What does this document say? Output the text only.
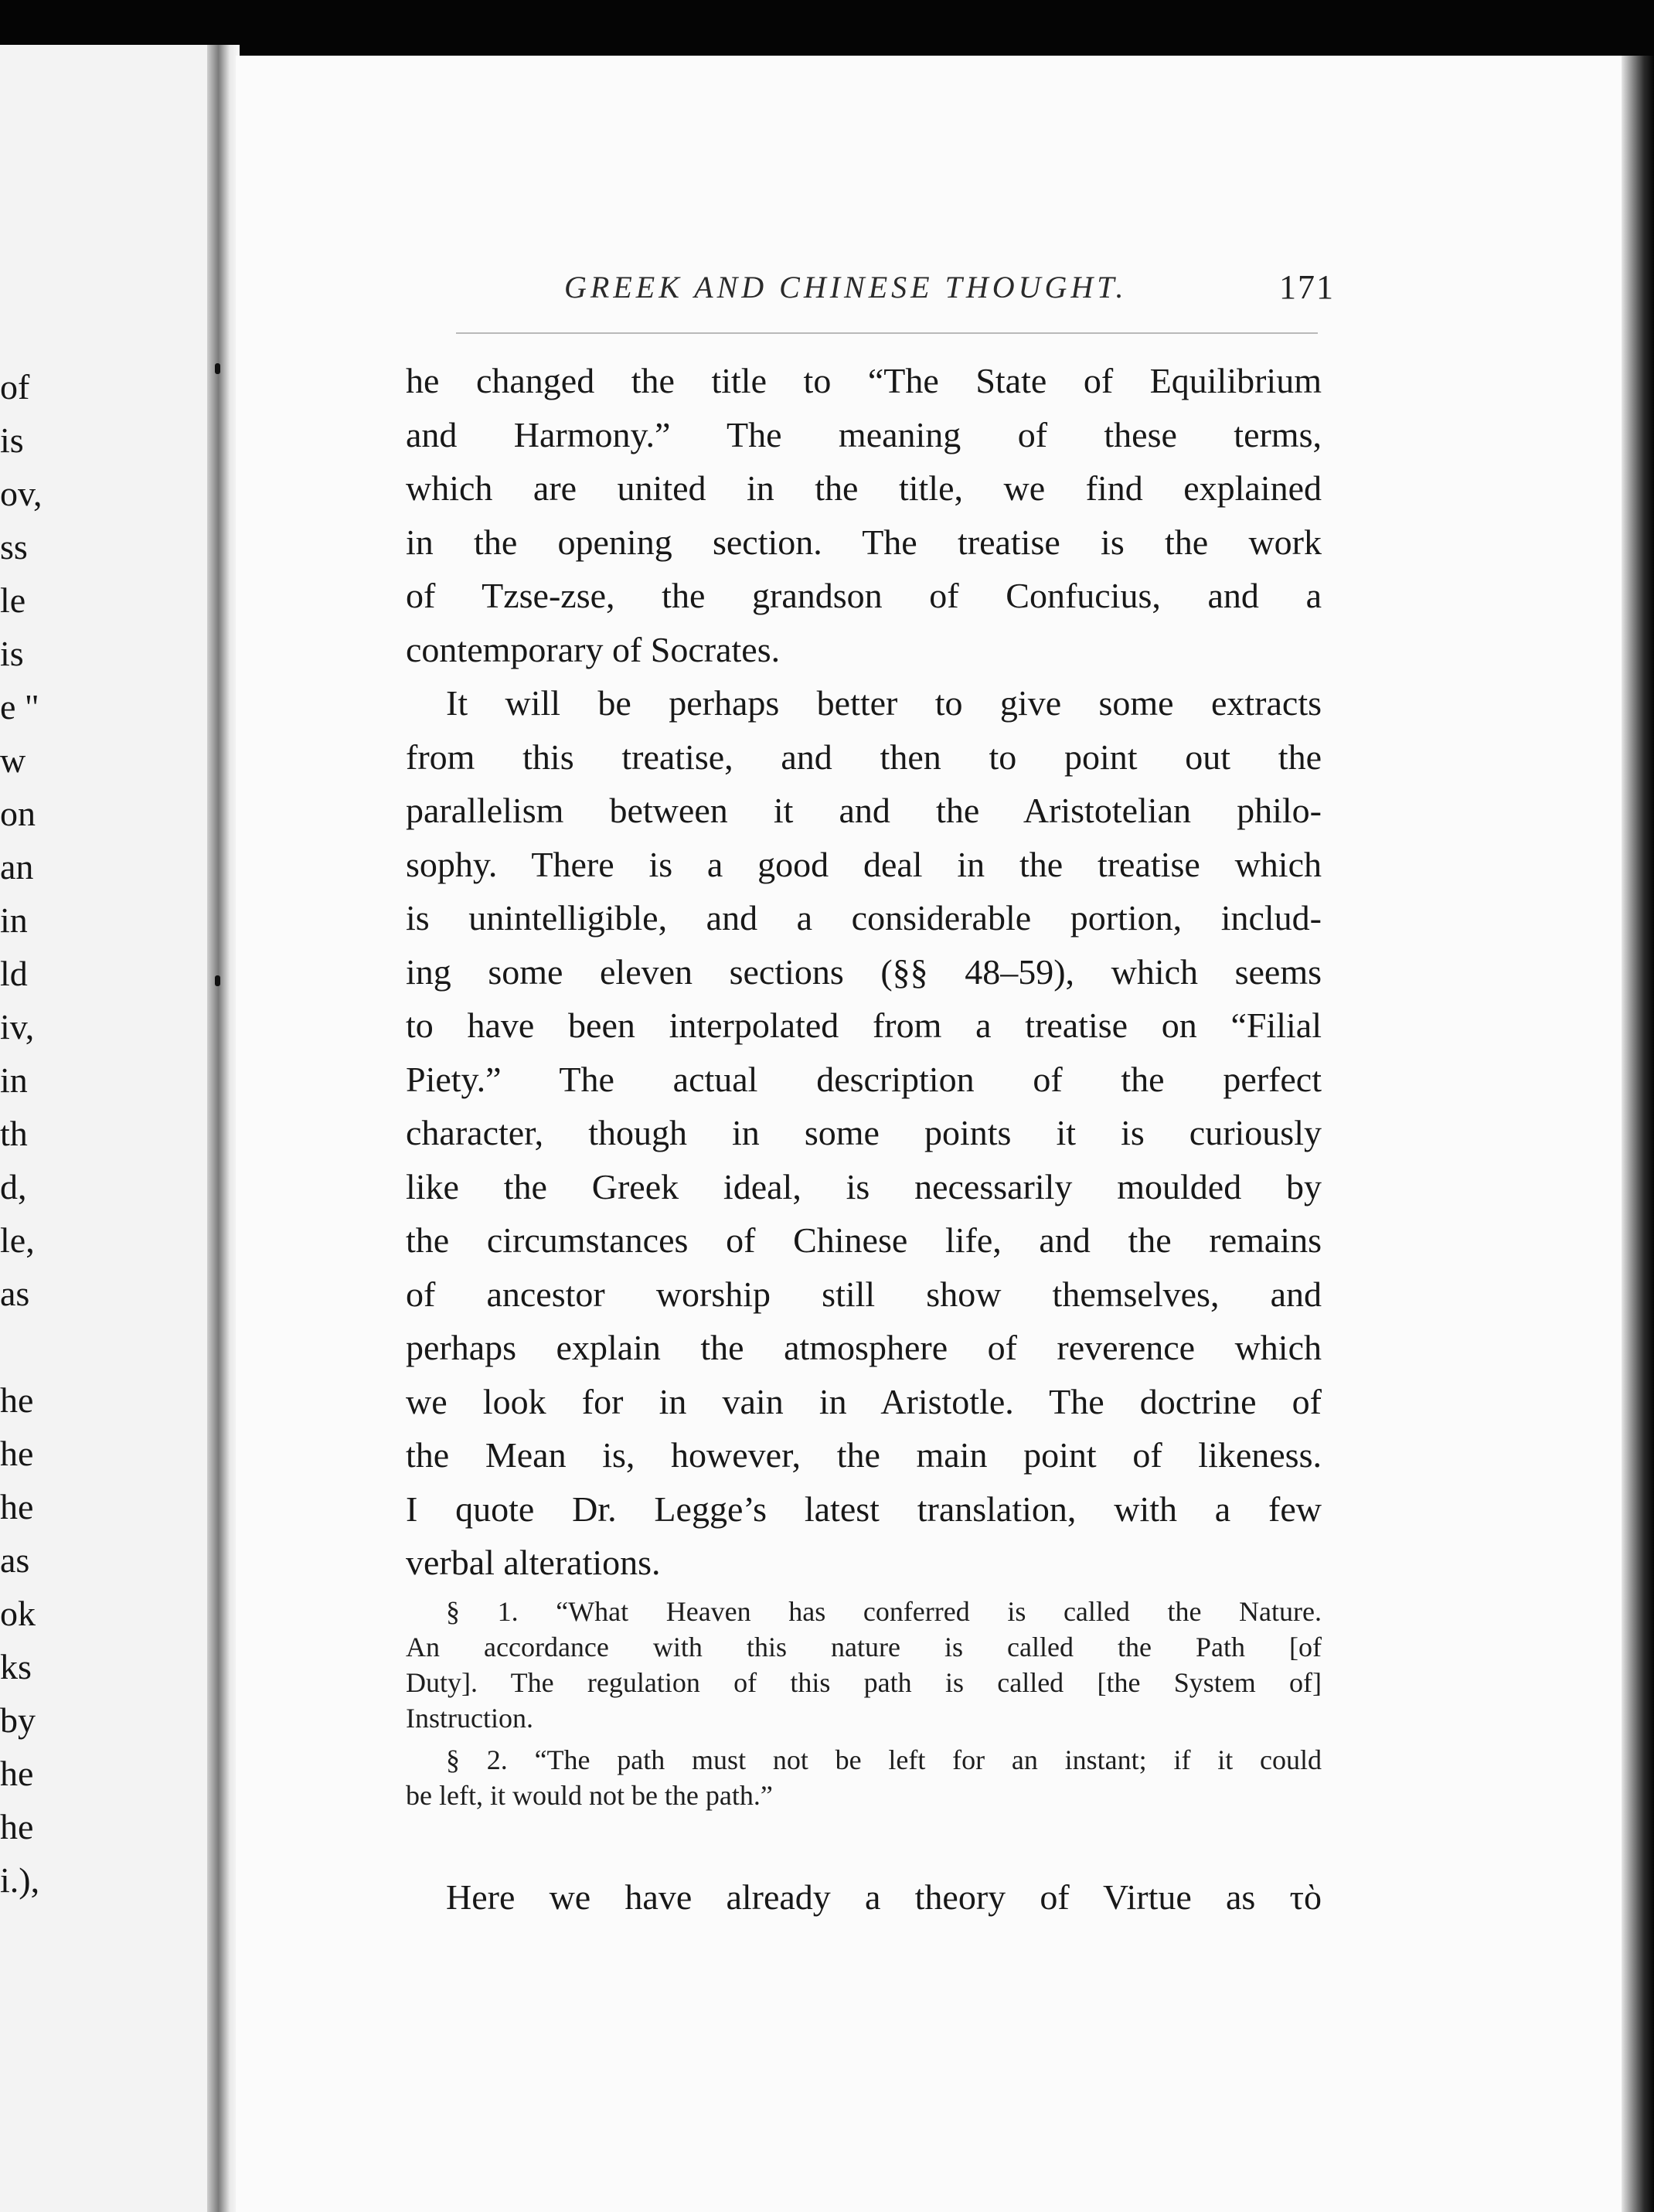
of
is
ov,
ss
le
is
e "
w
on
an
in
ld
iv,
in
th
d,
le,
as
he
he
he
as
ok
ks
by
he
he
i.),
GREEK AND CHINESE THOUGHT.	171
he changed the title to “The State of Equilibrium
and Harmony.” The meaning of these terms,
which are united in the title, we find explained
in the opening section. The treatise is the work
of Tzse-zse, the grandson of Confucius, and a
contemporary of Socrates.
It will be perhaps better to give some extracts
from this treatise, and then to point out the
parallelism between it and the Aristotelian philo-
sophy. There is a good deal in the treatise which
is unintelligible, and a considerable portion, includ-
ing some eleven sections (§§ 48–59), which seems
to have been interpolated from a treatise on “Filial
Piety.” The actual description of the perfect
character, though in some points it is curiously
like the Greek ideal, is necessarily moulded by
the circumstances of Chinese life, and the remains
of ancestor worship still show themselves, and
perhaps explain the atmosphere of reverence which
we look for in vain in Aristotle. The doctrine of
the Mean is, however, the main point of likeness.
I quote Dr. Legge’s latest translation, with a few
verbal alterations.
§ 1. “What Heaven has conferred is called the Nature.
An accordance with this nature is called the Path [of
Duty]. The regulation of this path is called [the System of]
Instruction.
§ 2. “The path must not be left for an instant; if it could
be left, it would not be the path.”
Here we have already a theory of Virtue as τὸ
